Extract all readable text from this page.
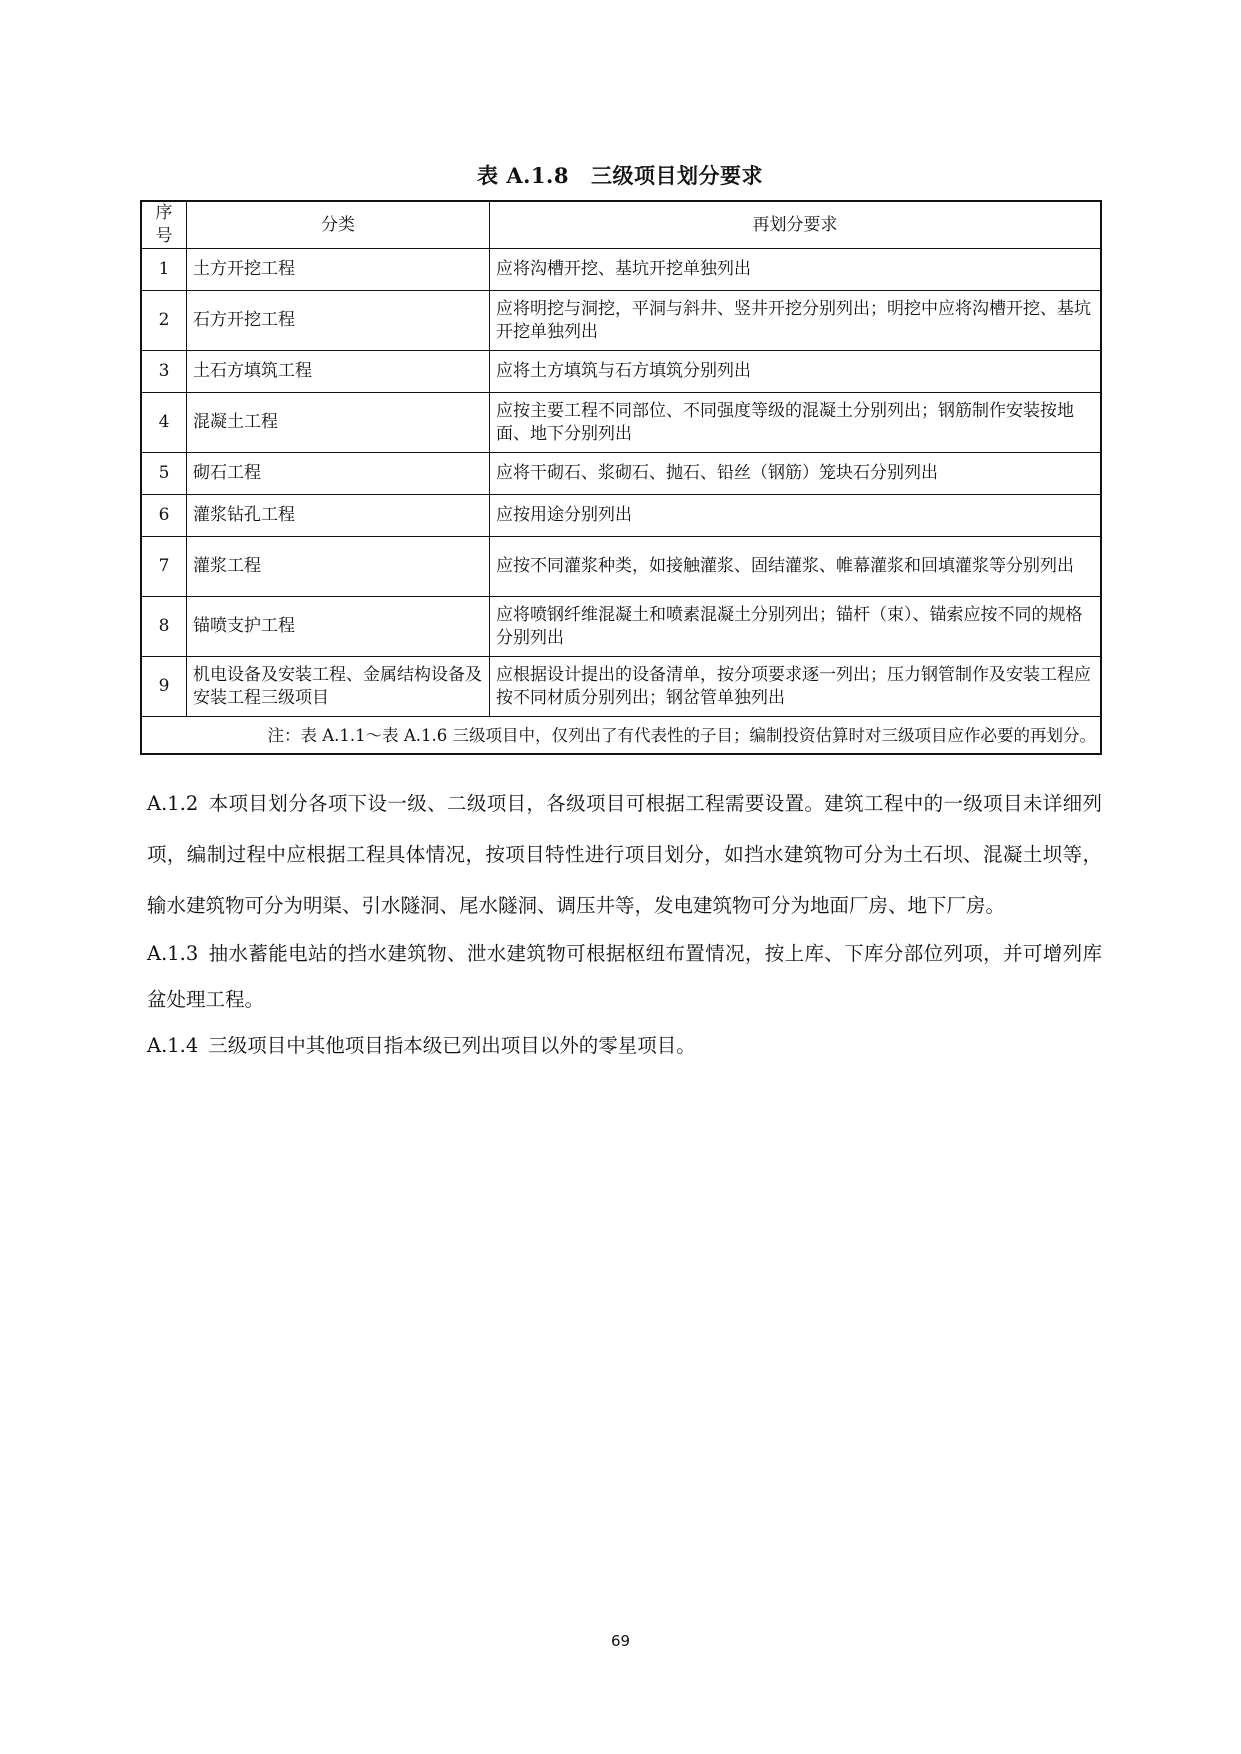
表 A.1.8 三级项目划分要求
序号	分类	再划分要求
1	土方开挖工程	应将沟槽开挖、基坑开挖单独列出
2	石方开挖工程	应将明挖与洞挖，平洞与斜井、竖井开挖分别列出；明挖中应将沟槽开挖、基坑开挖单独列出
3	土石方填筑工程	应将土方填筑与石方填筑分别列出
4	混凝土工程	应按主要工程不同部位、不同强度等级的混凝土分别列出；钢筋制作安装按地面、地下分别列出
5	砌石工程	应将干砌石、浆砌石、抛石、铅丝（钢筋）笼块石分别列出
6	灌浆钻孔工程	应按用途分别列出
7	灌浆工程	应按不同灌浆种类，如接触灌浆、固结灌浆、帷幕灌浆和回填灌浆等分别列出
8	锚喷支护工程	应将喷钢纤维混凝土和喷素混凝土分别列出；锚杆（束）、锚索应按不同的规格分别列出
9	机电设备及安装工程、金属结构设备及安装工程三级项目	应根据设计提出的设备清单，按分项要求逐一列出；压力钢管制作及安装工程应按不同材质分别列出；钢岔管单独列出
注：表 A.1.1～表 A.1.6 三级项目中，仅列出了有代表性的子目；编制投资估算时对三级项目应作必要的再划分。		

A.1.2 本项目划分各项下设一级、二级项目，各级项目可根据工程需要设置。建筑工程中的一级项目未详细列项，编制过程中应根据工程具体情况，按项目特性进行项目划分，如挡水建筑物可分为土石坝、混凝土坝等，输水建筑物可分为明渠、引水隧洞、尾水隧洞、调压井等，发电建筑物可分为地面厂房、地下厂房。

A.1.3 抽水蓄能电站的挡水建筑物、泄水建筑物可根据枢纽布置情况，按上库、下库分部位列项，并可增列库盆处理工程。

A.1.4 三级项目中其他项目指本级已列出项目以外的零星项目。

69
